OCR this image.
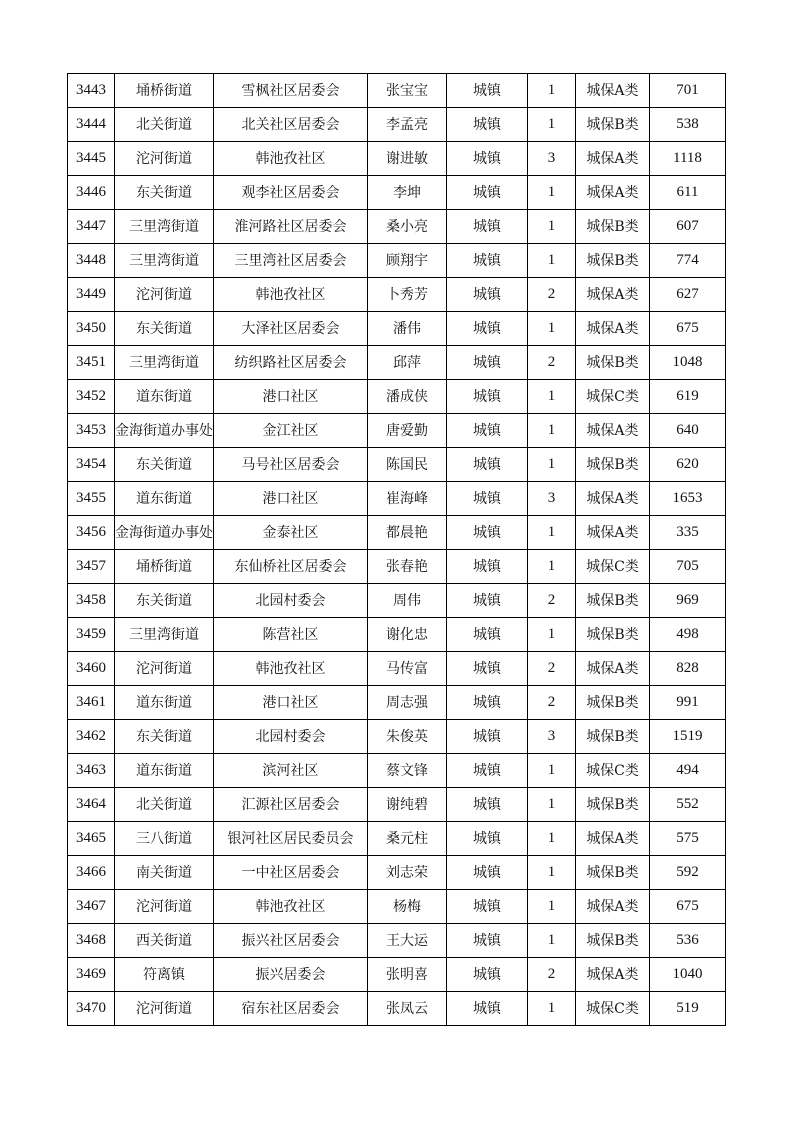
3443	埇桥街道	雪枫社区居委会	张宝宝	城镇	1	城保A类	701
3444	北关街道	北关社区居委会	李孟亮	城镇	1	城保B类	538
3445	沱河街道	韩池孜社区	谢进敏	城镇	3	城保A类	1118
3446	东关街道	观李社区居委会	李坤	城镇	1	城保A类	611
3447	三里湾街道	淮河路社区居委会	桑小亮	城镇	1	城保B类	607
3448	三里湾街道	三里湾社区居委会	顾翔宇	城镇	1	城保B类	774
3449	沱河街道	韩池孜社区	卜秀芳	城镇	2	城保A类	627
3450	东关街道	大泽社区居委会	潘伟	城镇	1	城保A类	675
3451	三里湾街道	纺织路社区居委会	邱萍	城镇	2	城保B类	1048
3452	道东街道	港口社区	潘成侠	城镇	1	城保C类	619
3453	金海街道办事处	金江社区	唐爱勤	城镇	1	城保A类	640
3454	东关街道	马号社区居委会	陈国民	城镇	1	城保B类	620
3455	道东街道	港口社区	崔海峰	城镇	3	城保A类	1653
3456	金海街道办事处	金泰社区	都晨艳	城镇	1	城保A类	335
3457	埇桥街道	东仙桥社区居委会	张春艳	城镇	1	城保C类	705
3458	东关街道	北园村委会	周伟	城镇	2	城保B类	969
3459	三里湾街道	陈营社区	谢化忠	城镇	1	城保B类	498
3460	沱河街道	韩池孜社区	马传富	城镇	2	城保A类	828
3461	道东街道	港口社区	周志强	城镇	2	城保B类	991
3462	东关街道	北园村委会	朱俊英	城镇	3	城保B类	1519
3463	道东街道	滨河社区	蔡文锋	城镇	1	城保C类	494
3464	北关街道	汇源社区居委会	谢纯碧	城镇	1	城保B类	552
3465	三八街道	银河社区居民委员会	桑元柱	城镇	1	城保A类	575
3466	南关街道	一中社区居委会	刘志荣	城镇	1	城保B类	592
3467	沱河街道	韩池孜社区	杨梅	城镇	1	城保A类	675
3468	西关街道	振兴社区居委会	王大运	城镇	1	城保B类	536
3469	符离镇	振兴居委会	张明喜	城镇	2	城保A类	1040
3470	沱河街道	宿东社区居委会	张凤云	城镇	1	城保C类	519
